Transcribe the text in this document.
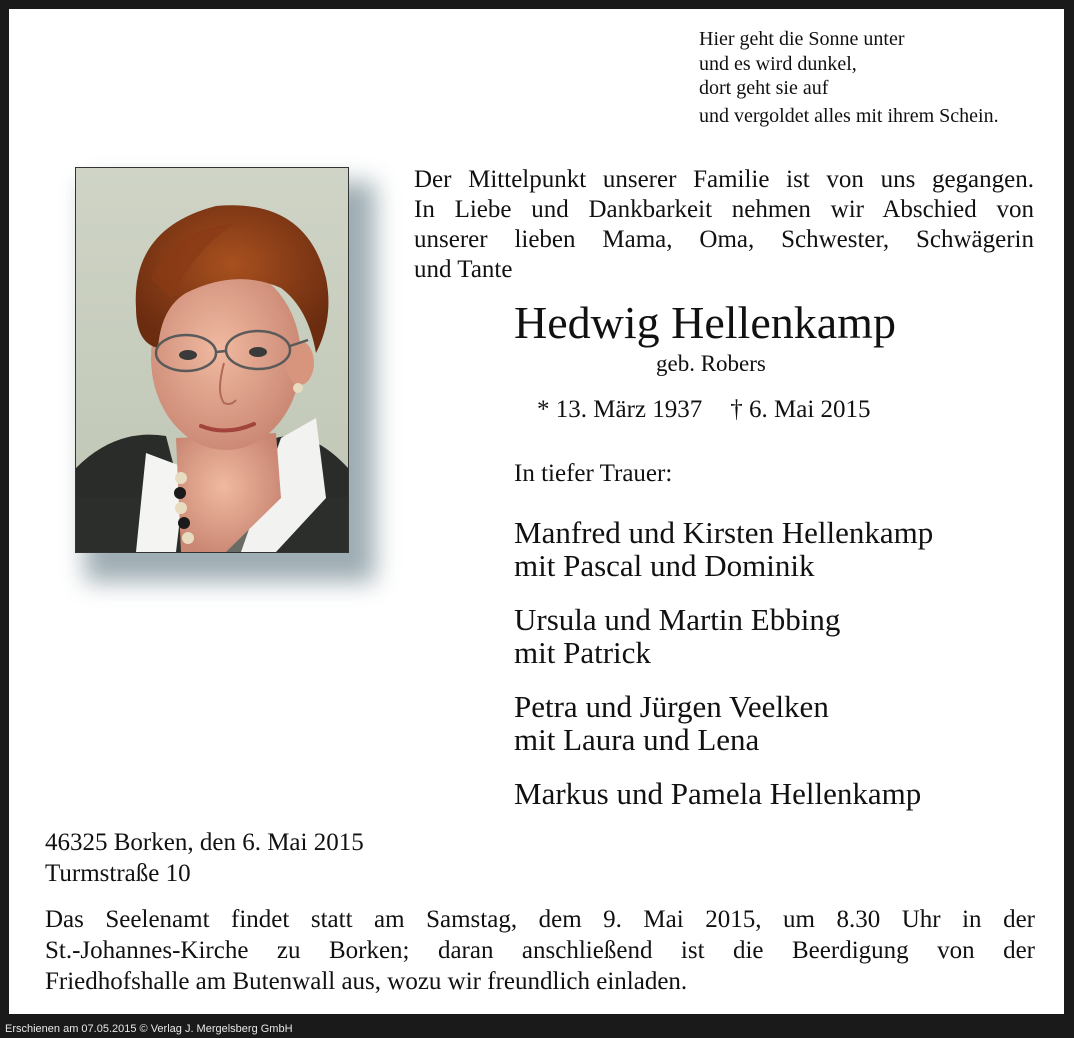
Hier geht die Sonne unter
und es wird dunkel,
dort geht sie auf
und vergoldet alles mit ihrem Schein.
Der Mittelpunkt unserer Familie ist von uns gegangen.
In Liebe und Dankbarkeit nehmen wir Abschied von
unserer lieben Mama, Oma, Schwester, Schwägerin
und Tante
Hedwig Hellenkamp
geb. Robers
* 13. März 1937 † 6. Mai 2015
In tiefer Trauer:
Manfred und Kirsten Hellenkamp
mit Pascal und Dominik
Ursula und Martin Ebbing
mit Patrick
Petra und Jürgen Veelken
mit Laura und Lena
Markus und Pamela Hellenkamp
46325 Borken, den 6. Mai 2015
Turmstraße 10
Das Seelenamt findet statt am Samstag, dem 9. Mai 2015, um 8.30 Uhr in der
St.-Johannes-Kirche zu Borken; daran anschließend ist die Beerdigung von der
Friedhofshalle am Butenwall aus, wozu wir freundlich einladen.
Erschienen am 07.05.2015 © Verlag J. Mergelsberg GmbH
